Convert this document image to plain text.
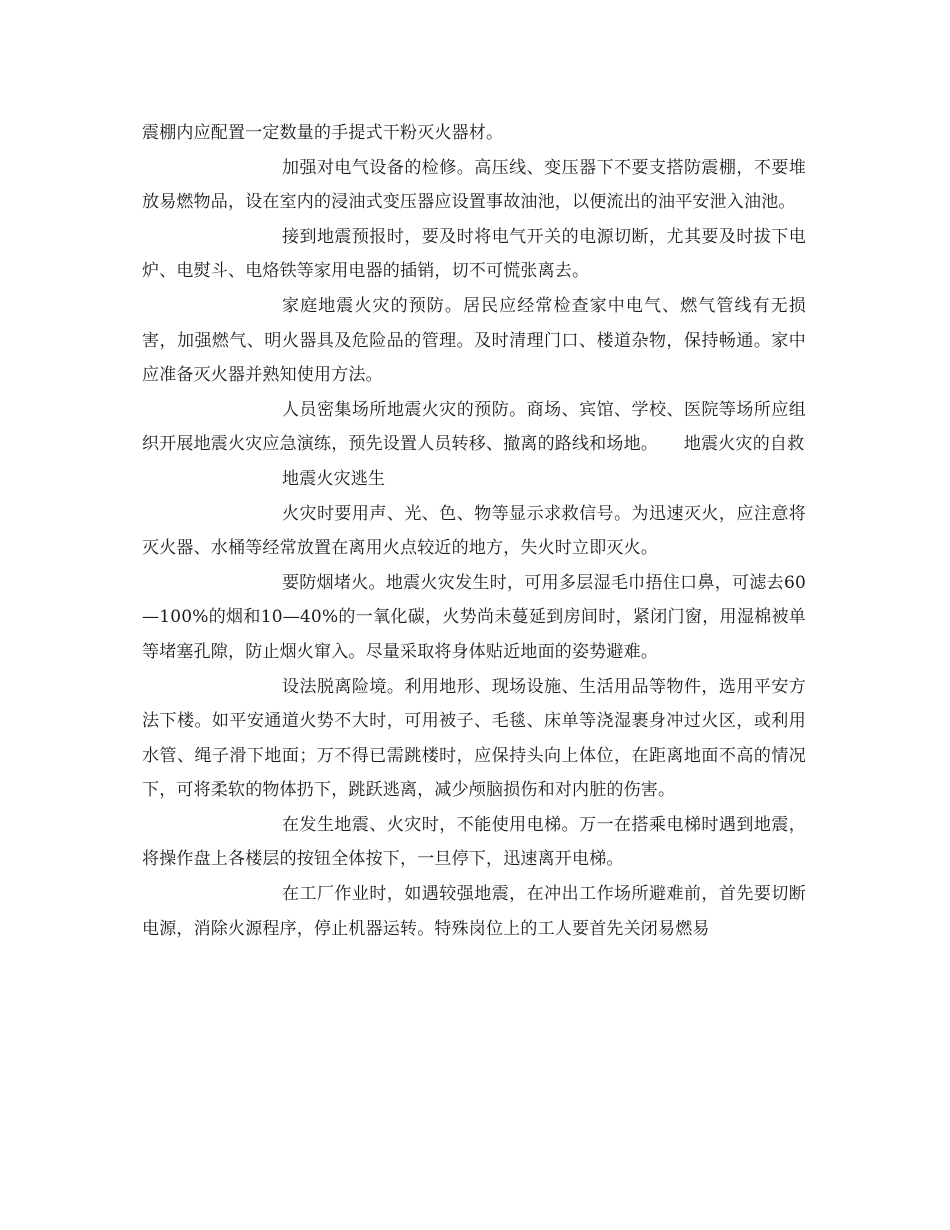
震棚内应配置一定数量的手提式干粉灭火器材。

加强对电气设备的检修。高压线、变压器下不要支搭防震棚，不要堆放易燃物品，设在室内的浸油式变压器应设置事故油池，以便流出的油平安泄入油池。

接到地震预报时，要及时将电气开关的电源切断，尤其要及时拔下电炉、电熨斗、电烙铁等家用电器的插销，切不可慌张离去。

家庭地震火灾的预防。居民应经常检查家中电气、燃气管线有无损害，加强燃气、明火器具及危险品的管理。及时清理门口、楼道杂物，保持畅通。家中应准备灭火器并熟知使用方法。

人员密集场所地震火灾的预防。商场、宾馆、学校、医院等场所应组织开展地震火灾应急演练，预先设置人员转移、撤离的路线和场地。　　地震火灾的自救

地震火灾逃生

火灾时要用声、光、色、物等显示求救信号。为迅速灭火，应注意将灭火器、水桶等经常放置在离用火点较近的地方，失火时立即灭火。

要防烟堵火。地震火灾发生时，可用多层湿毛巾捂住口鼻，可滤去60—100%的烟和10—40%的一氧化碳，火势尚未蔓延到房间时，紧闭门窗，用湿棉被单等堵塞孔隙，防止烟火窜入。尽量采取将身体贴近地面的姿势避难。

设法脱离险境。利用地形、现场设施、生活用品等物件，选用平安方法下楼。如平安通道火势不大时，可用被子、毛毯、床单等浇湿裹身冲过火区，或利用水管、绳子滑下地面；万不得已需跳楼时，应保持头向上体位，在距离地面不高的情况下，可将柔软的物体扔下，跳跃逃离，减少颅脑损伤和对内脏的伤害。

在发生地震、火灾时，不能使用电梯。万一在搭乘电梯时遇到地震，将操作盘上各楼层的按钮全体按下，一旦停下，迅速离开电梯。

在工厂作业时，如遇较强地震，在冲出工作场所避难前，首先要切断电源，消除火源程序，停止机器运转。特殊岗位上的工人要首先关闭易燃易
